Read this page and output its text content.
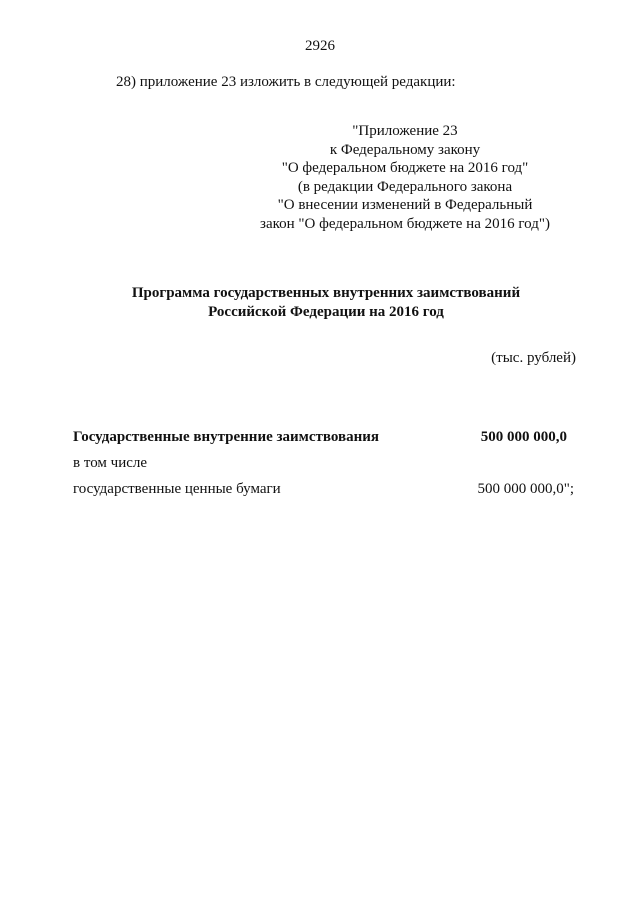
2926
28) приложение 23 изложить в следующей редакции:
"Приложение 23
к Федеральному закону
"О федеральном бюджете на 2016 год"
(в редакции Федерального закона
"О внесении изменений в Федеральный
закон "О федеральном бюджете на 2016 год")
Программа государственных внутренних заимствований
Российской Федерации на 2016 год
(тыс. рублей)
Государственные внутренние заимствования	500 000 000,0
в том числе
государственные ценные бумаги	500 000 000,0";
